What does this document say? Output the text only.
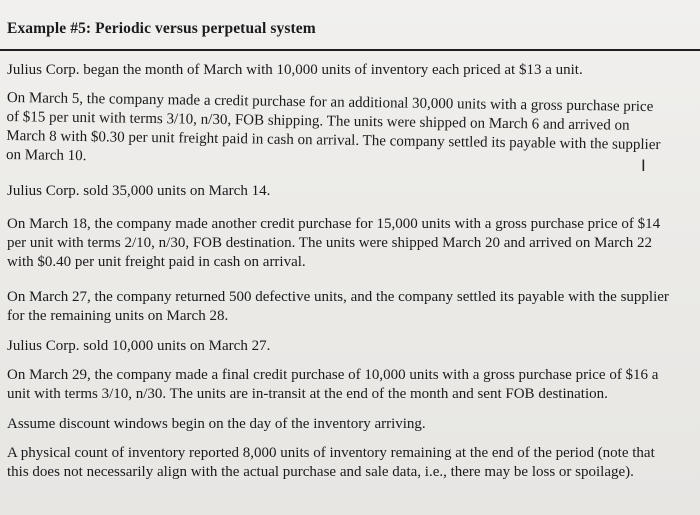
Example #5: Periodic versus perpetual system

Julius Corp. began the month of March with 10,000 units of inventory each priced at $13 a unit.

On March 5, the company made a credit purchase for an additional 30,000 units with a gross purchase price of $15 per unit with terms 3/10, n/30, FOB shipping. The units were shipped on March 6 and arrived on March 8 with $0.30 per unit freight paid in cash on arrival. The company settled its payable with the supplier on March 10.

Julius Corp. sold 35,000 units on March 14.

On March 18, the company made another credit purchase for 15,000 units with a gross purchase price of $14 per unit with terms 2/10, n/30, FOB destination. The units were shipped March 20 and arrived on March 22 with $0.40 per unit freight paid in cash on arrival.

On March 27, the company returned 500 defective units, and the company settled its payable with the supplier for the remaining units on March 28.

Julius Corp. sold 10,000 units on March 27.

On March 29, the company made a final credit purchase of 10,000 units with a gross purchase price of $16 a unit with terms 3/10, n/30. The units are in-transit at the end of the month and sent FOB destination.

Assume discount windows begin on the day of the inventory arriving.

A physical count of inventory reported 8,000 units of inventory remaining at the end of the period (note that this does not necessarily align with the actual purchase and sale data, i.e., there may be loss or spoilage).

Ⅰ
